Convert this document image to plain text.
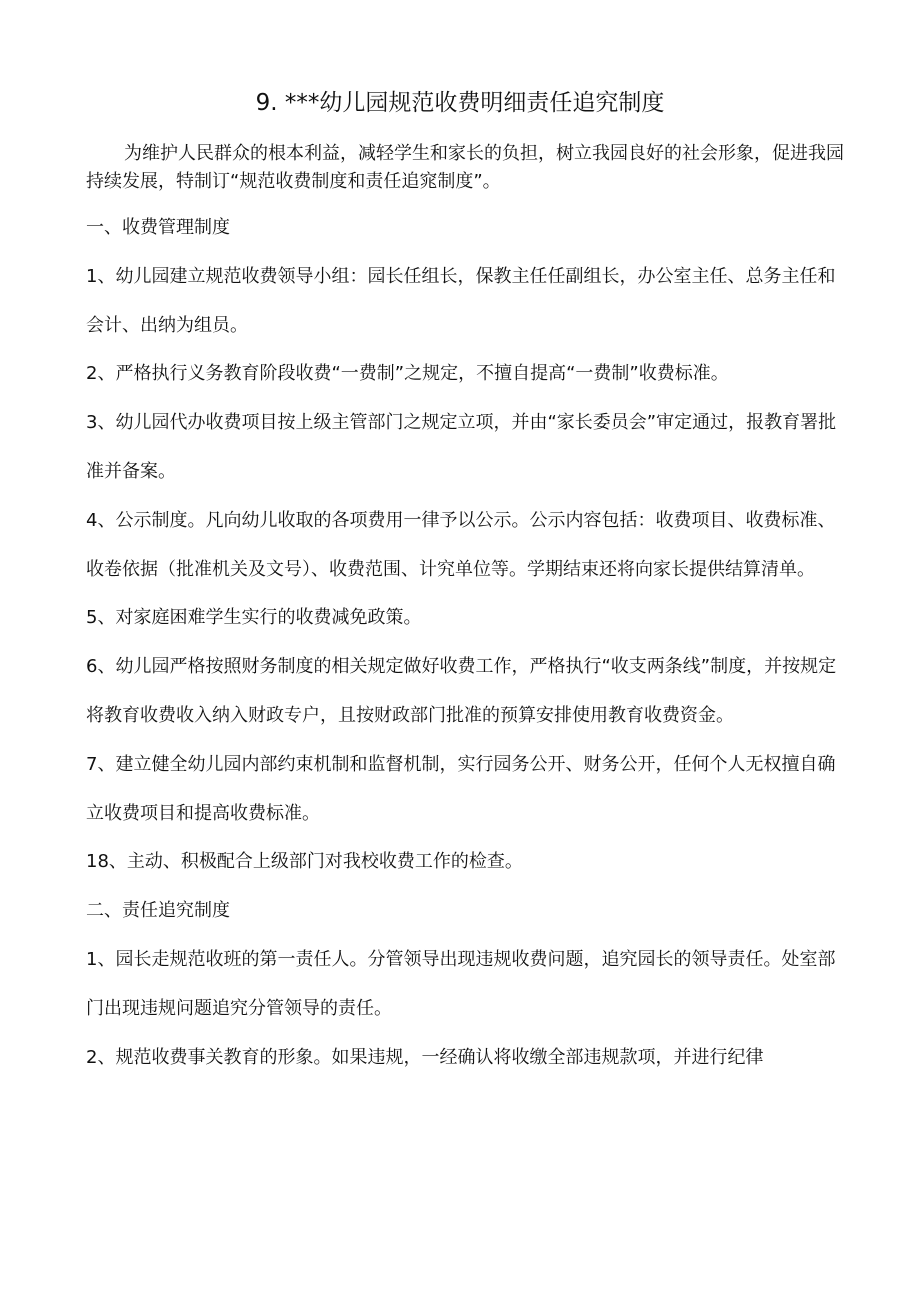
9. ***幼儿园规范收费明细责任追究制度

为维护人民群众的根本利益，减轻学生和家长的负担，树立我园良好的社会形象，促进我园持续发展，特制订“规范收费制度和责任追窕制度”。

一、收费管理制度

1、幼儿园建立规范收费领导小组：园长任组长，保教主任任副组长，办公室主任、总务主任和会计、出纳为组员。

2、严格执行义务教育阶段收费“一费制”之规定，不擅自提高“一费制”收费标准。

3、幼儿园代办收费项目按上级主管部门之规定立项，并由“家长委员会”审定通过，报教育署批准并备案。

4、公示制度。凡向幼儿收取的各项费用一律予以公示。公示内容包括：收费项目、收费标准、收卷依据（批准机关及文号）、收费范围、计究单位等。学期结束还将向家长提供结算清单。

5、对家庭困难学生实行的收费减免政策。

6、幼儿园严格按照财务制度的相关规定做好收费工作，严格执行“收支两条线”制度，并按规定将教育收费收入纳入财政专户，且按财政部门批准的预算安排使用教育收费资金。

7、建立健全幼儿园内部约束机制和监督机制，实行园务公开、财务公开，任何个人无权擅自确立收费项目和提高收费标准。

18、主动、积极配合上级部门对我校收费工作的检查。

二、责任追究制度

1、园长走规范收班的第一责任人。分管领导出现违规收费问题，追究园长的领导责任。处室部门出现违规问题追究分管领导的责任。

2、规范收费事关教育的形象。如果违规，一经确认将收缴全部违规款项，并进行纪律
